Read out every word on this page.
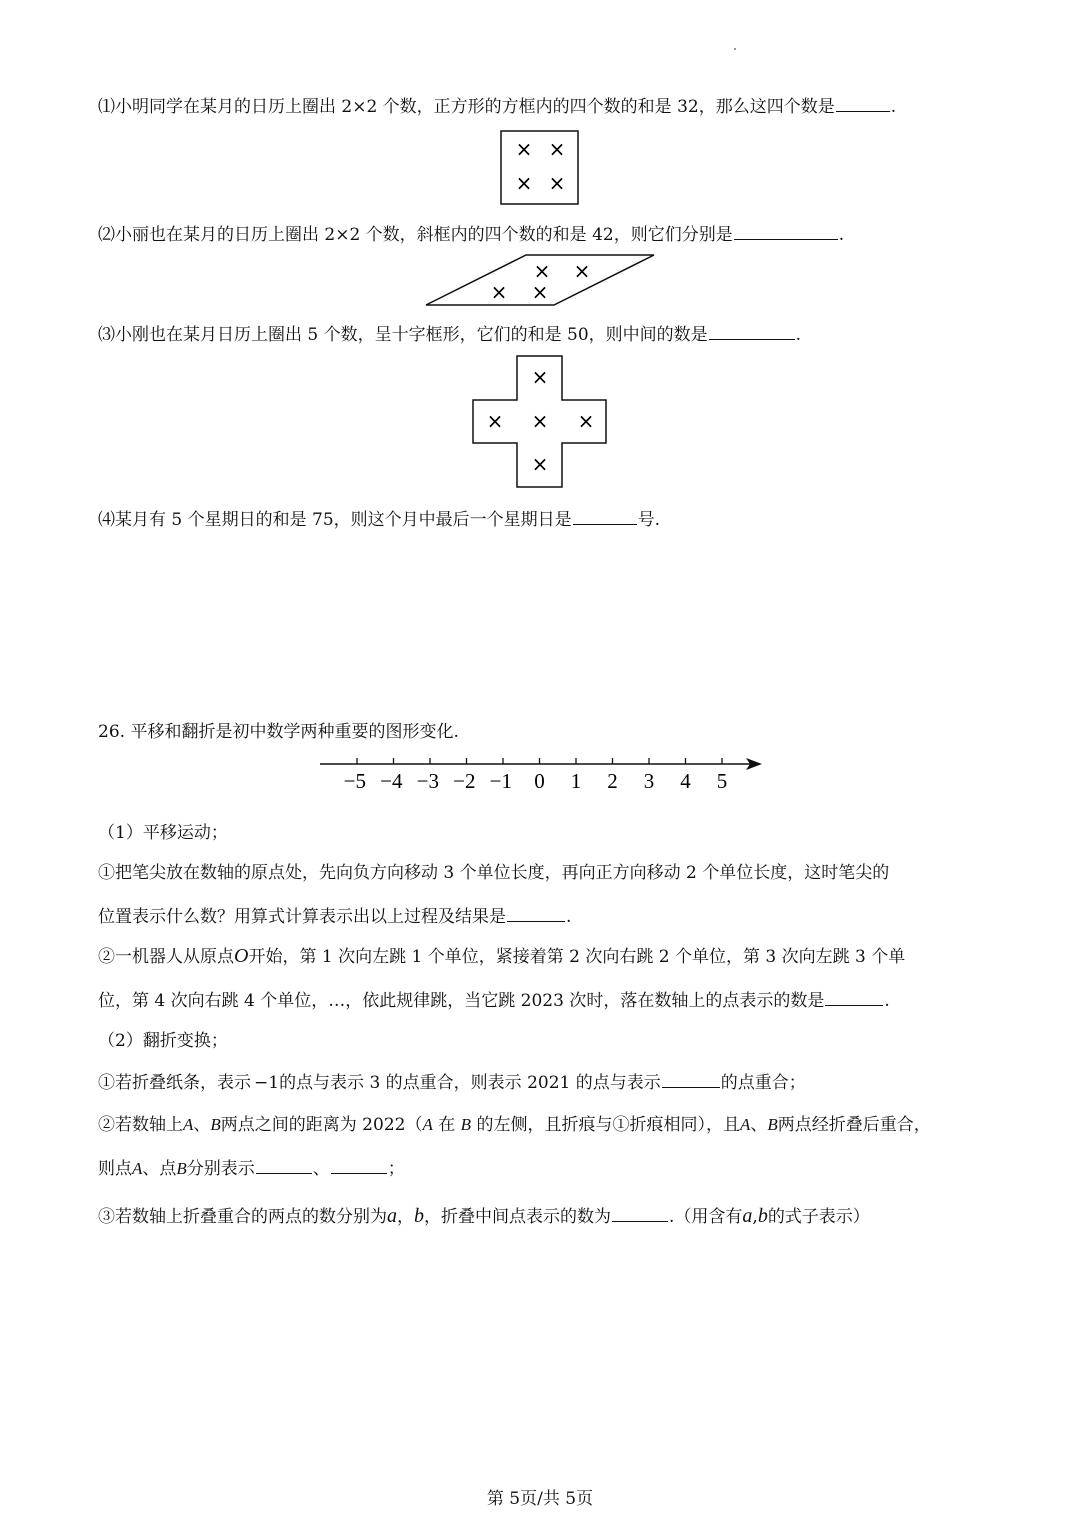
⑴小明同学在某月的日历上圈出 2×2 个数，正方形的方框内的四个数的和是 32，那么这四个数是	.
× ×
× ×
⑵小丽也在某月的日历上圈出 2×2 个数，斜框内的四个数的和是 42，则它们分别是	.
× ×
× ×
⑶小刚也在某月日历上圈出 5 个数，呈十字框形，它们的和是 50，则中间的数是	.
×
× × ×
×
⑷某月有 5 个星期日的和是 75，则这个月中最后一个星期日是	号.
26. 平移和翻折是初中数学两种重要的图形变化.
−5 −4 −3 −2 −1 0 1 2 3 4 5
（1）平移运动；
①把笔尖放在数轴的原点处，先向负方向移动 3 个单位长度，再向正方向移动 2 个单位长度，这时笔尖的
位置表示什么数？用算式计算表示出以上过程及结果是	.
②一机器人从原点O开始，第 1 次向左跳 1 个单位，紧接着第 2 次向右跳 2 个单位，第 3 次向左跳 3 个单
位，第 4 次向右跳 4 个单位，…，依此规律跳，当它跳 2023 次时，落在数轴上的点表示的数是	.
（2）翻折变换；
①若折叠纸条，表示 −1的点与表示 3 的点重合，则表示 2021 的点与表示	的点重合；
②若数轴上A、B两点之间的距离为 2022（A 在 B 的左侧，且折痕与①折痕相同），且A、B两点经折叠后重合，
则点A、点B分别表示	、	；
③若数轴上折叠重合的两点的数分别为a，b，折叠中间点表示的数为	.（用含有a,b的式子表示）
第 5页/共 5页
